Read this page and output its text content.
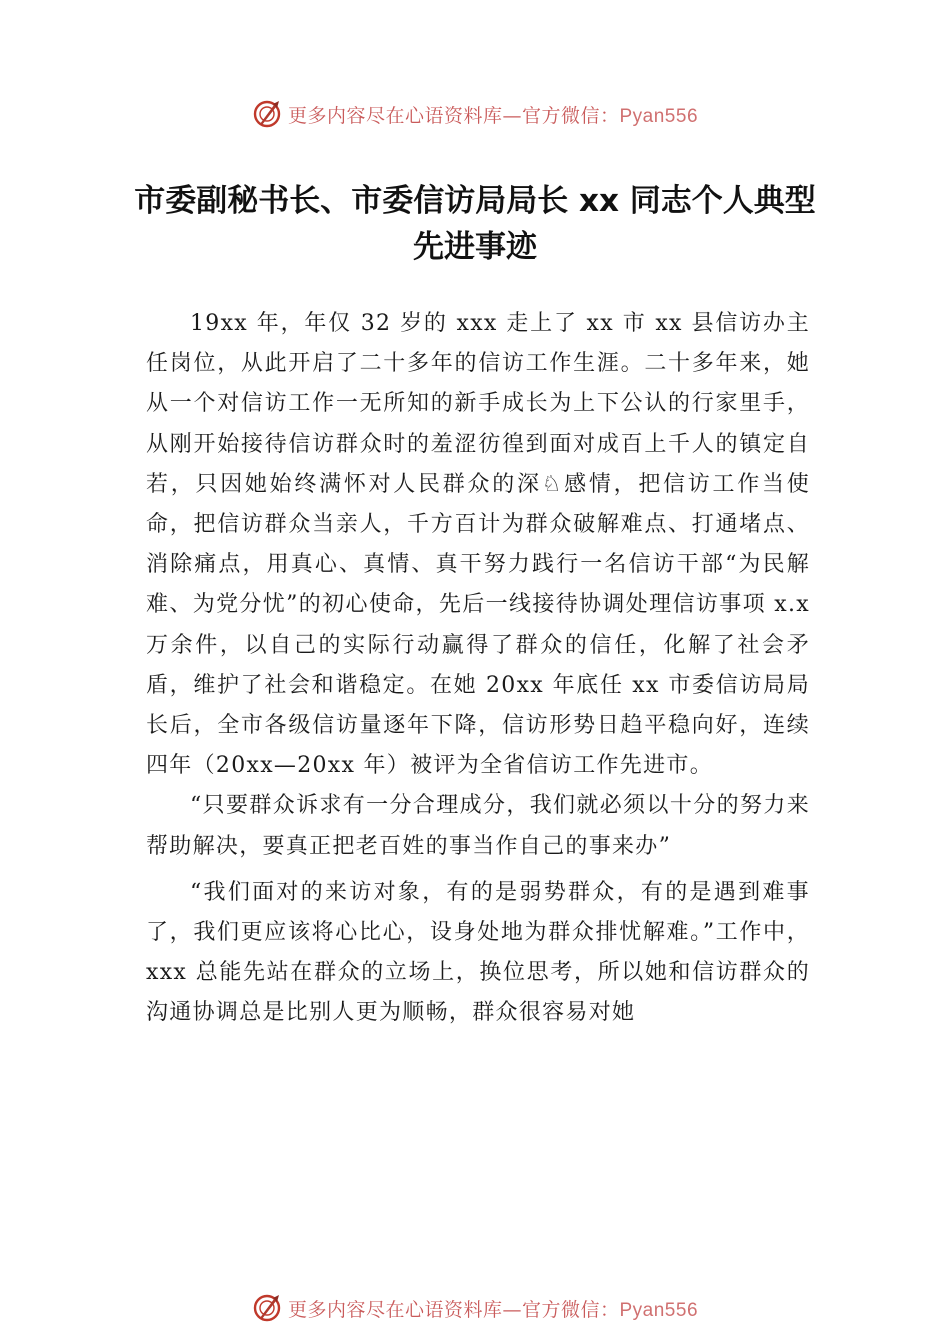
更多内容尽在心语资料库—官方微信：Pyan556
市委副秘书长、市委信访局局长 xx 同志个人典型先进事迹

19xx 年，年仅 32 岁的 xxx 走上了 xx 市 xx 县信访办主任岗位，从此开启了二十多年的信访工作生涯。二十多年来，她从一个对信访工作一无所知的新手成长为上下公认的行家里手，从刚开始接待信访群众时的羞涩彷徨到面对成百上千人的镇定自若，只因她始终满怀对人民群众的深♘感情，把信访工作当使命，把信访群众当亲人，千方百计为群众破解难点、打通堵点、消除痛点，用真心、真情、真干努力践行一名信访干部“为民解难、为党分忧”的初心使命，先后一线接待协调处理信访事项 x.x 万余件，以自己的实际行动赢得了群众的信任，化解了社会矛盾，维护了社会和谐稳定。在她 20xx 年底任 xx 市委信访局局长后，全市各级信访量逐年下降，信访形势日趋平稳向好，连续四年（20xx—20xx 年）被评为全省信访工作先进市。

“只要群众诉求有一分合理成分，我们就必须以十分的努力来帮助解决，要真正把老百姓的事当作自己的事来办”

“我们面对的来访对象，有的是弱势群众，有的是遇到难事了，我们更应该将心比心，设身处地为群众排忧解难。”工作中，xxx 总能先站在群众的立场上，换位思考，所以她和信访群众的沟通协调总是比别人更为顺畅，群众很容易对她

更多内容尽在心语资料库—官方微信：Pyan556
